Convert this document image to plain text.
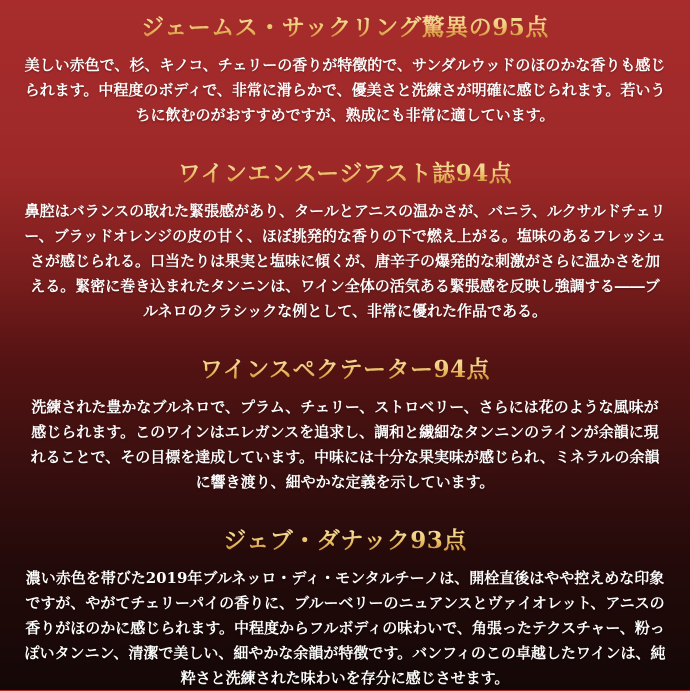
ジェームス・サックリング驚異の95点

美しい赤色で、杉、キノコ、チェリーの香りが特徴的で、サンダルウッドのほのかな香りも感じられます。中程度のボディで、非常に滑らかで、優美さと洗練さが明確に感じられます。若いうちに飲むのがおすすめですが、熟成にも非常に適しています。

ワインエンスージアスト誌94点

鼻腔はバランスの取れた緊張感があり、タールとアニスの温かさが、バニラ、ルクサルドチェリー、ブラッドオレンジの皮の甘く、ほぼ挑発的な香りの下で燃え上がる。塩味のあるフレッシュさが感じられる。口当たりは果実と塩味に傾くが、唐辛子の爆発的な刺激がさらに温かさを加える。緊密に巻き込まれたタンニンは、ワイン全体の活気ある緊張感を反映し強調する――ブルネロのクラシックな例として、非常に優れた作品である。

ワインスペクテーター94点

洗練された豊かなブルネロで、プラム、チェリー、ストロベリー、さらには花のような風味が感じられます。このワインはエレガンスを追求し、調和と繊細なタンニンのラインが余韻に現れることで、その目標を達成しています。中味には十分な果実味が感じられ、ミネラルの余韻に響き渡り、細やかな定義を示しています。

ジェブ・ダナック93点

濃い赤色を帯びた2019年ブルネッロ・ディ・モンタルチーノは、開栓直後はやや控えめな印象ですが、やがてチェリーパイの香りに、ブルーベリーのニュアンスとヴァイオレット、アニスの香りがほのかに感じられます。中程度からフルボディの味わいで、角張ったテクスチャー、粉っぽいタンニン、清潔で美しい、細やかな余韻が特徴です。バンフィのこの卓越したワインは、純粋さと洗練された味わいを存分に感じさせます。
